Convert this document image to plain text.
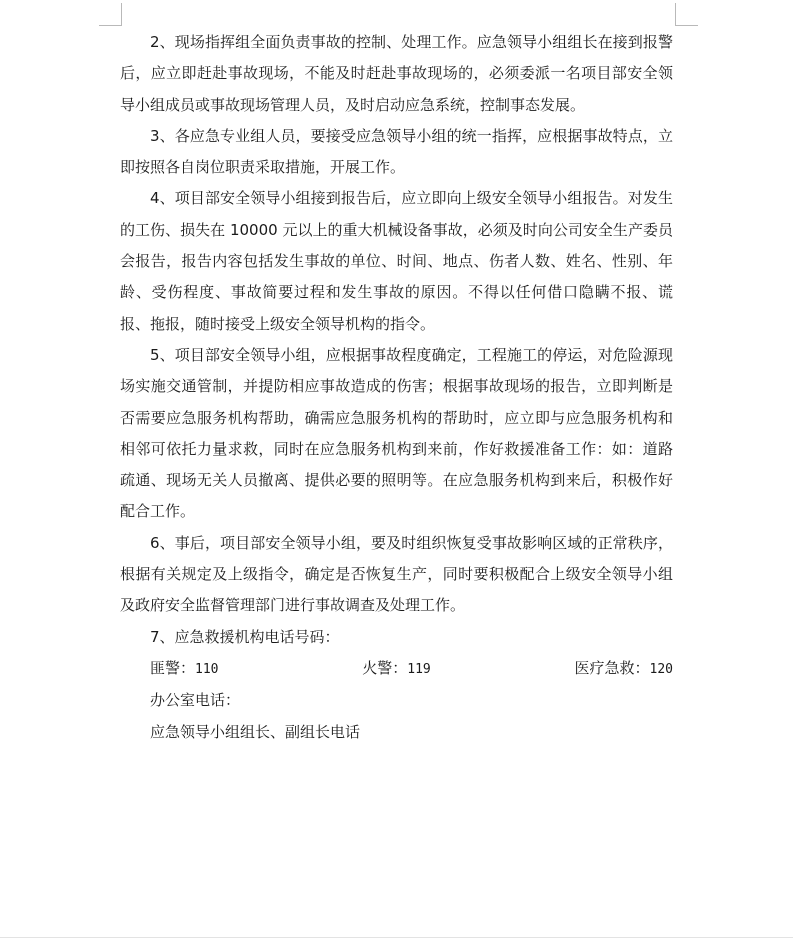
2、现场指挥组全面负责事故的控制、处理工作。应急领导小组组长在接到报警后，应立即赶赴事故现场，不能及时赶赴事故现场的，必须委派一名项目部安全领导小组成员或事故现场管理人员，及时启动应急系统，控制事态发展。

3、各应急专业组人员，要接受应急领导小组的统一指挥，应根据事故特点，立即按照各自岗位职责采取措施，开展工作。

4、项目部安全领导小组接到报告后，应立即向上级安全领导小组报告。对发生的工伤、损失在 10000 元以上的重大机械设备事故，必须及时向公司安全生产委员会报告，报告内容包括发生事故的单位、时间、地点、伤者人数、姓名、性别、年龄、受伤程度、事故简要过程和发生事故的原因。不得以任何借口隐瞒不报、谎报、拖报，随时接受上级安全领导机构的指令。

5、项目部安全领导小组，应根据事故程度确定，工程施工的停运，对危险源现场实施交通管制，并提防相应事故造成的伤害；根据事故现场的报告，立即判断是否需要应急服务机构帮助，确需应急服务机构的帮助时，应立即与应急服务机构和相邻可依托力量求救，同时在应急服务机构到来前，作好救援准备工作：如：道路疏通、现场无关人员撤离、提供必要的照明等。在应急服务机构到来后，积极作好配合工作。

6、事后，项目部安全领导小组，要及时组织恢复受事故影响区域的正常秩序，根据有关规定及上级指令，确定是否恢复生产，同时要积极配合上级安全领导小组及政府安全监督管理部门进行事故调查及处理工作。

7、应急救援机构电话号码：

匪警：110	火警：119	医疗急救：120

办公室电话：

应急领导小组组长、副组长电话
